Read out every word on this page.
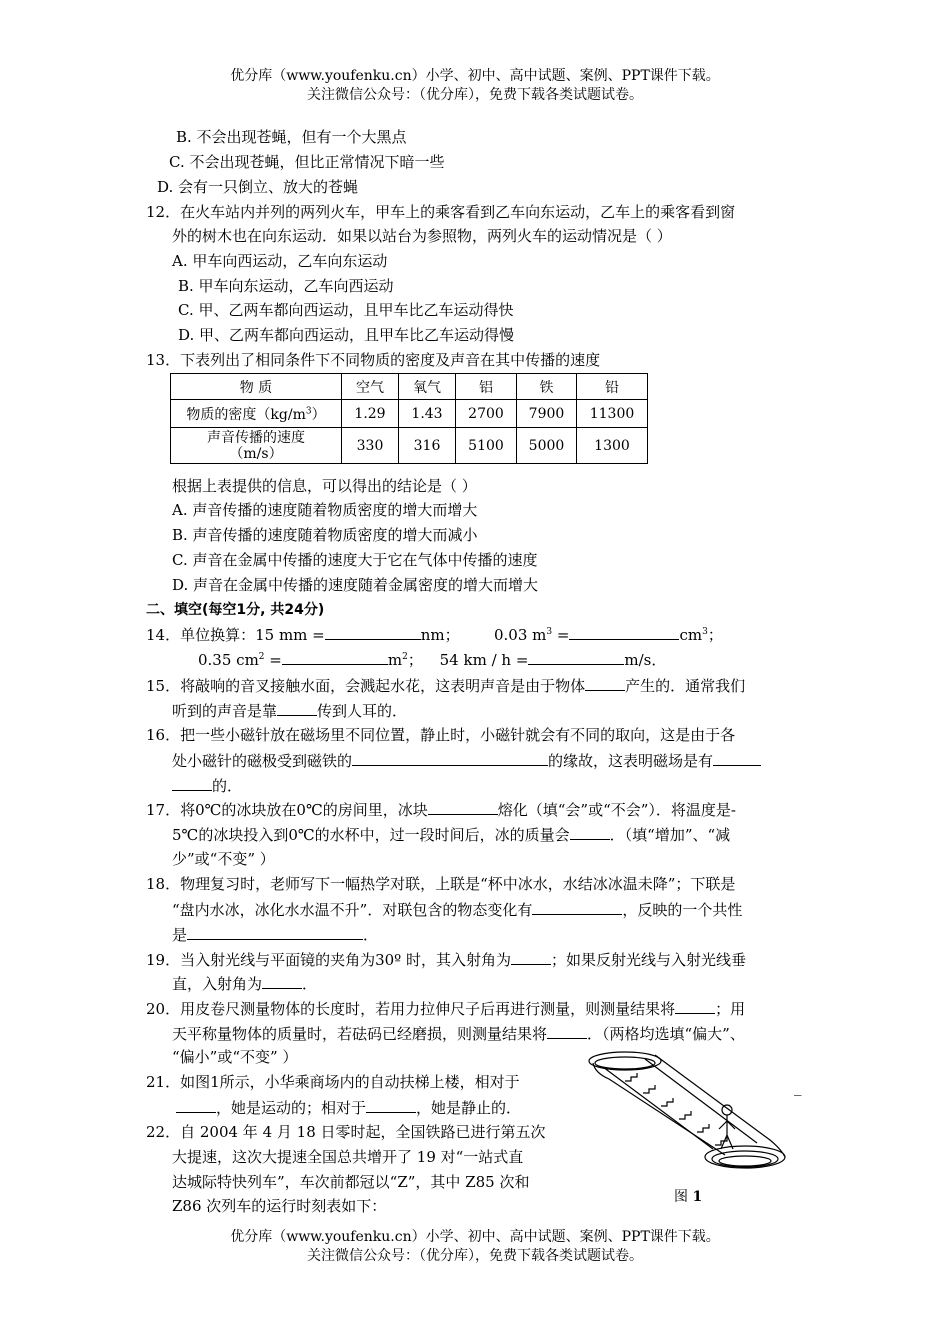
优分库（www.youfenku.cn）小学、初中、高中试题、案例、PPT课件下载。
关注微信公众号：（优分库），免费下载各类试题试卷。
B. 不会出现苍蝇，但有一个大黑点
C. 不会出现苍蝇，但比正常情况下暗一些
D. 会有一只倒立、放大的苍蝇
12．在火车站内并列的两列火车，甲车上的乘客看到乙车向东运动，乙车上的乘客看到窗
外的树木也在向东运动．如果以站台为参照物，两列火车的运动情况是（ ）
A. 甲车向西运动，乙车向东运动
B. 甲车向东运动，乙车向西运动
C. 甲、乙两车都向西运动，且甲车比乙车运动得快
D. 甲、乙两车都向西运动，且甲车比乙车运动得慢
13．下表列出了相同条件下不同物质的密度及声音在其中传播的速度
物 质	空气	氧气	铝	铁	铅
物质的密度$(kg/m^3)$	1.29	1.43	2700	7900	11300

声音传播的速度
（m/s）	330	316	5100	5000	1300
根据上表提供的信息，可以得出的结论是（ ）
A. 声音传播的速度随着物质密度的增大而增大
B. 声音传播的速度随着物质密度的增大而减小
C. 声音在金属中传播的速度大于它在气体中传播的速度
D. 声音在金属中传播的速度随着金属密度的增大而增大
二、填空(每空1分, 共24分)
14．单位换算：15 mm =	nm； 0.03 $m^3$ =	$cm^3$；
0.35 $cm^2$ =	$m^2$； 54 km / h =	m/s．
15．将敲响的音叉接触水面，会溅起水花，这表明声音是由于物体	产生的．通常我们
听到的声音是靠	传到人耳的．
16．把一些小磁针放在磁场里不同位置，静止时，小磁针就会有不同的取向，这是由于各
处小磁针的磁极受到磁铁的	的缘故，这表明磁场是有
的．
17．将0℃的冰块放在0℃的房间里，冰块	熔化（填“会”或“不会”）．将温度是-
5℃的冰块投入到0℃的水杯中，过一段时间后，冰的质量会	．（填“增加”、“减
少”或“不变” ）
18．物理复习时，老师写下一幅热学对联，上联是“杯中冰水，水结冰冰温未降”；下联是
“盘内水冰，冰化水水温不升”．对联包含的物态变化有	，反映的一个共性
是	．
19．当入射光线与平面镜的夹角为30º 时，其入射角为	；如果反射光线与入射光线垂
直，入射角为	．
20．用皮卷尺测量物体的长度时，若用力拉伸尺子后再进行测量，则测量结果将	；用
天平称量物体的质量时，若砝码已经磨损，则测量结果将	．（两格均选填“偏大”、
“偏小”或“不变” ）
21．如图1所示，小华乘商场内的自动扶梯上楼，相对于
，她是运动的；相对于	，她是静止的．
22．自 2004 年 4 月 18 日零时起，全国铁路已进行第五次
大提速，这次大提速全国总共增开了 19 对“一站式直
达城际特快列车”，车次前都冠以“Z”，其中 Z85 次和
Z86 次列车的运行时刻表如下：
_
图 1
优分库（www.youfenku.cn）小学、初中、高中试题、案例、PPT课件下载。
关注微信公众号：（优分库），免费下载各类试题试卷。
